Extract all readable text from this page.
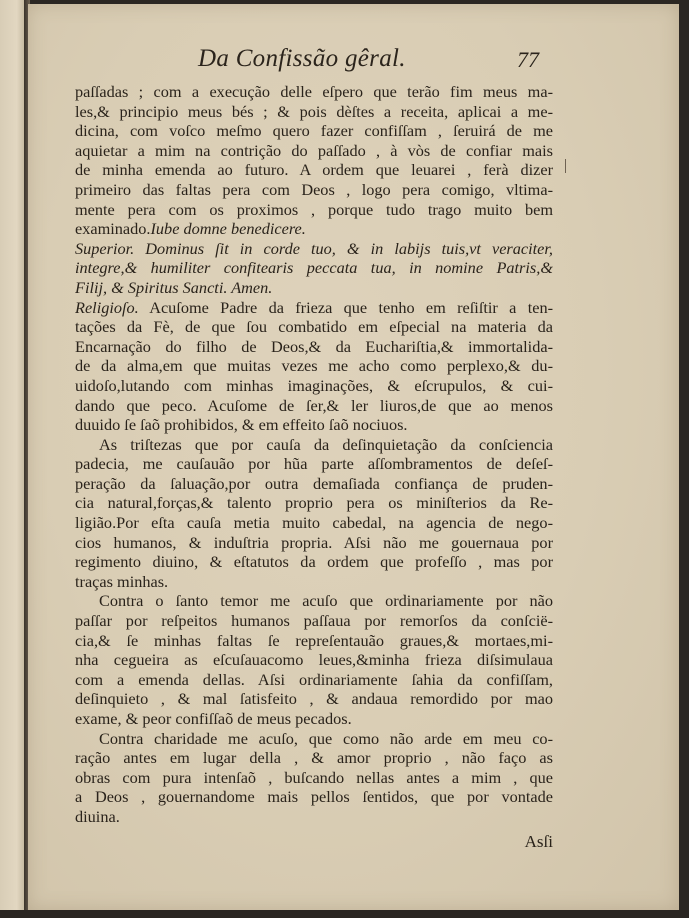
Da Confissão gêral.	77
paſſadas ; com a execução delle eſpero que terão fim meus ma-
les,& principio meus bés ; & pois dèſtes a receita, aplicai a me-
dicina, com voſco meſmo quero fazer confiſſam , ſeruirá de me
aquietar a mim na contrição do paſſado , à vòs de confiar mais
de minha emenda ao futuro. A ordem que leuarei , ferà dizer
primeiro das faltas pera com Deos , logo pera comigo, vltima-
mente pera com os proximos , porque tudo trago muito bem
examinado.Iube domne benedicere.
Superior. Dominus ſit in corde tuo, & in labijs tuis,vt veraciter,
integre,& humiliter confitearis peccata tua, in nomine Patris,&
Filij, & Spiritus Sancti. Amen.
Religioſo. Acuſome Padre da frieza que tenho em reſiſtir a ten-
tações da Fè, de que ſou combatido em eſpecial na materia da
Encarnação do filho de Deos,& da Euchariſtia,& immortalida-
de da alma,em que muitas vezes me acho como perplexo,& du-
uidoſo,lutando com minhas imaginações, & eſcrupulos, & cui-
dando que peco. Acuſome de ſer,& ler liuros,de que ao menos
duuido ſe ſaõ prohibidos, & em effeito ſaõ nociuos.
As triſtezas que por cauſa da deſinquietação da conſciencia
padecia, me cauſauão por hũa parte aſſombramentos de deſeſ-
peração da ſaluação,por outra demaſiada confiança de pruden-
cia natural,forças,& talento proprio pera os miniſterios da Re-
ligião.Por eſta cauſa metia muito cabedal, na agencia de nego-
cios humanos, & induſtria propria. Aſsi não me gouernaua por
regimento diuino, & eſtatutos da ordem que profeſſo , mas por
traças minhas.
Contra o ſanto temor me acuſo que ordinariamente por não
paſſar por reſpeitos humanos paſſaua por remorſos da conſcië-
cia,& ſe minhas faltas ſe repreſentauão graues,& mortaes,mi-
nha cegueira as eſcuſauacomo leues,&minha frieza diſsimulaua
com a emenda dellas. Aſsi ordinariamente ſahia da confiſſam,
deſinquieto , & mal ſatisfeito , & andaua remordido por mao
exame, & peor confiſſaõ de meus pecados.
Contra charidade me acuſo, que como não arde em meu co-
ração antes em lugar della , & amor proprio , não faço as
obras com pura intenſaõ , buſcando nellas antes a mim , que
a Deos , gouernandome mais pellos ſentidos, que por vontade
diuina.
Asſi
